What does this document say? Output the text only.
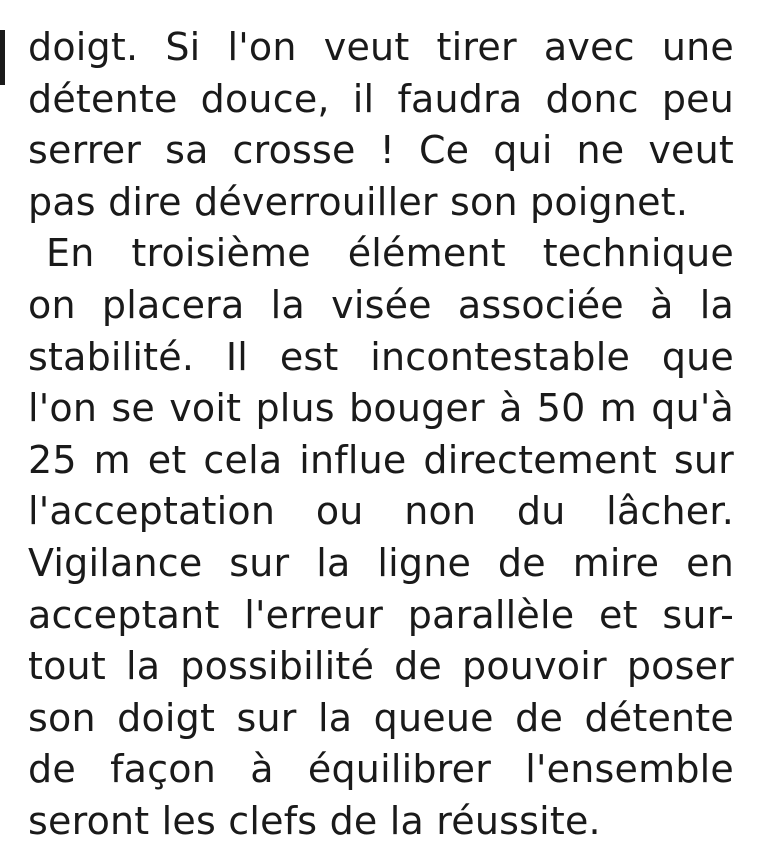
doigt. Si l'on veut tirer avec une
détente douce, il faudra donc peu
serrer sa crosse ! Ce qui ne veut
pas dire déverrouiller son poignet.
En troisième élément technique
on placera la visée associée à la
stabilité. Il est incontestable que
l'on se voit plus bouger à 50 m qu'à
25 m et cela influe directement sur
l'acceptation ou non du lâcher.
Vigilance sur la ligne de mire en
acceptant l'erreur parallèle et sur-
tout la possibilité de pouvoir poser
son doigt sur la queue de détente
de façon à équilibrer l'ensemble
seront les clefs de la réussite.
